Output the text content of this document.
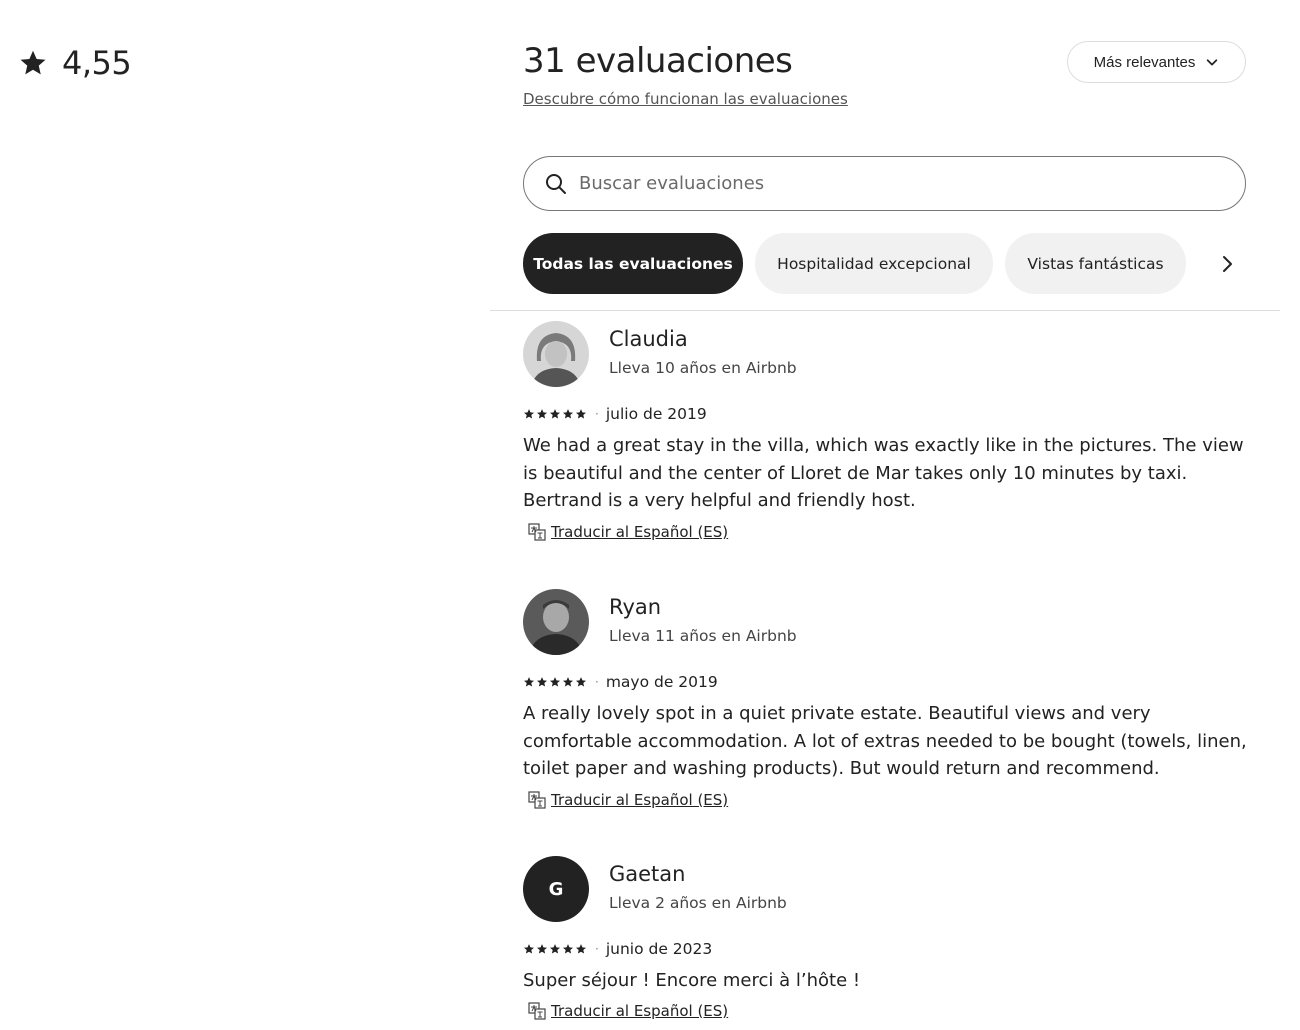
4,55	31 evaluaciones
Descubre cómo funcionan las evaluaciones
Más relevantes
Buscar evaluaciones
Todas las evaluaciones	Hospitalidad excepcional	Vistas fantásticas
Claudia
Lleva 10 años en Airbnb
· julio de 2019

We had a great stay in the villa, which was exactly like in the pictures. The view is beautiful and the center of Lloret de Mar takes only 10 minutes by taxi. Bertrand is a very helpful and friendly host.

Traducir al Español (ES)
Ryan
Lleva 11 años en Airbnb
· mayo de 2019

A really lovely spot in a quiet private estate. Beautiful views and very comfortable accommodation. A lot of extras needed to be bought (towels, linen, toilet paper and washing products). But would return and recommend.

Traducir al Español (ES)
G
Gaetan
Lleva 2 años en Airbnb
· junio de 2023

Super séjour ! Encore merci à l’hôte !

Traducir al Español (ES)
